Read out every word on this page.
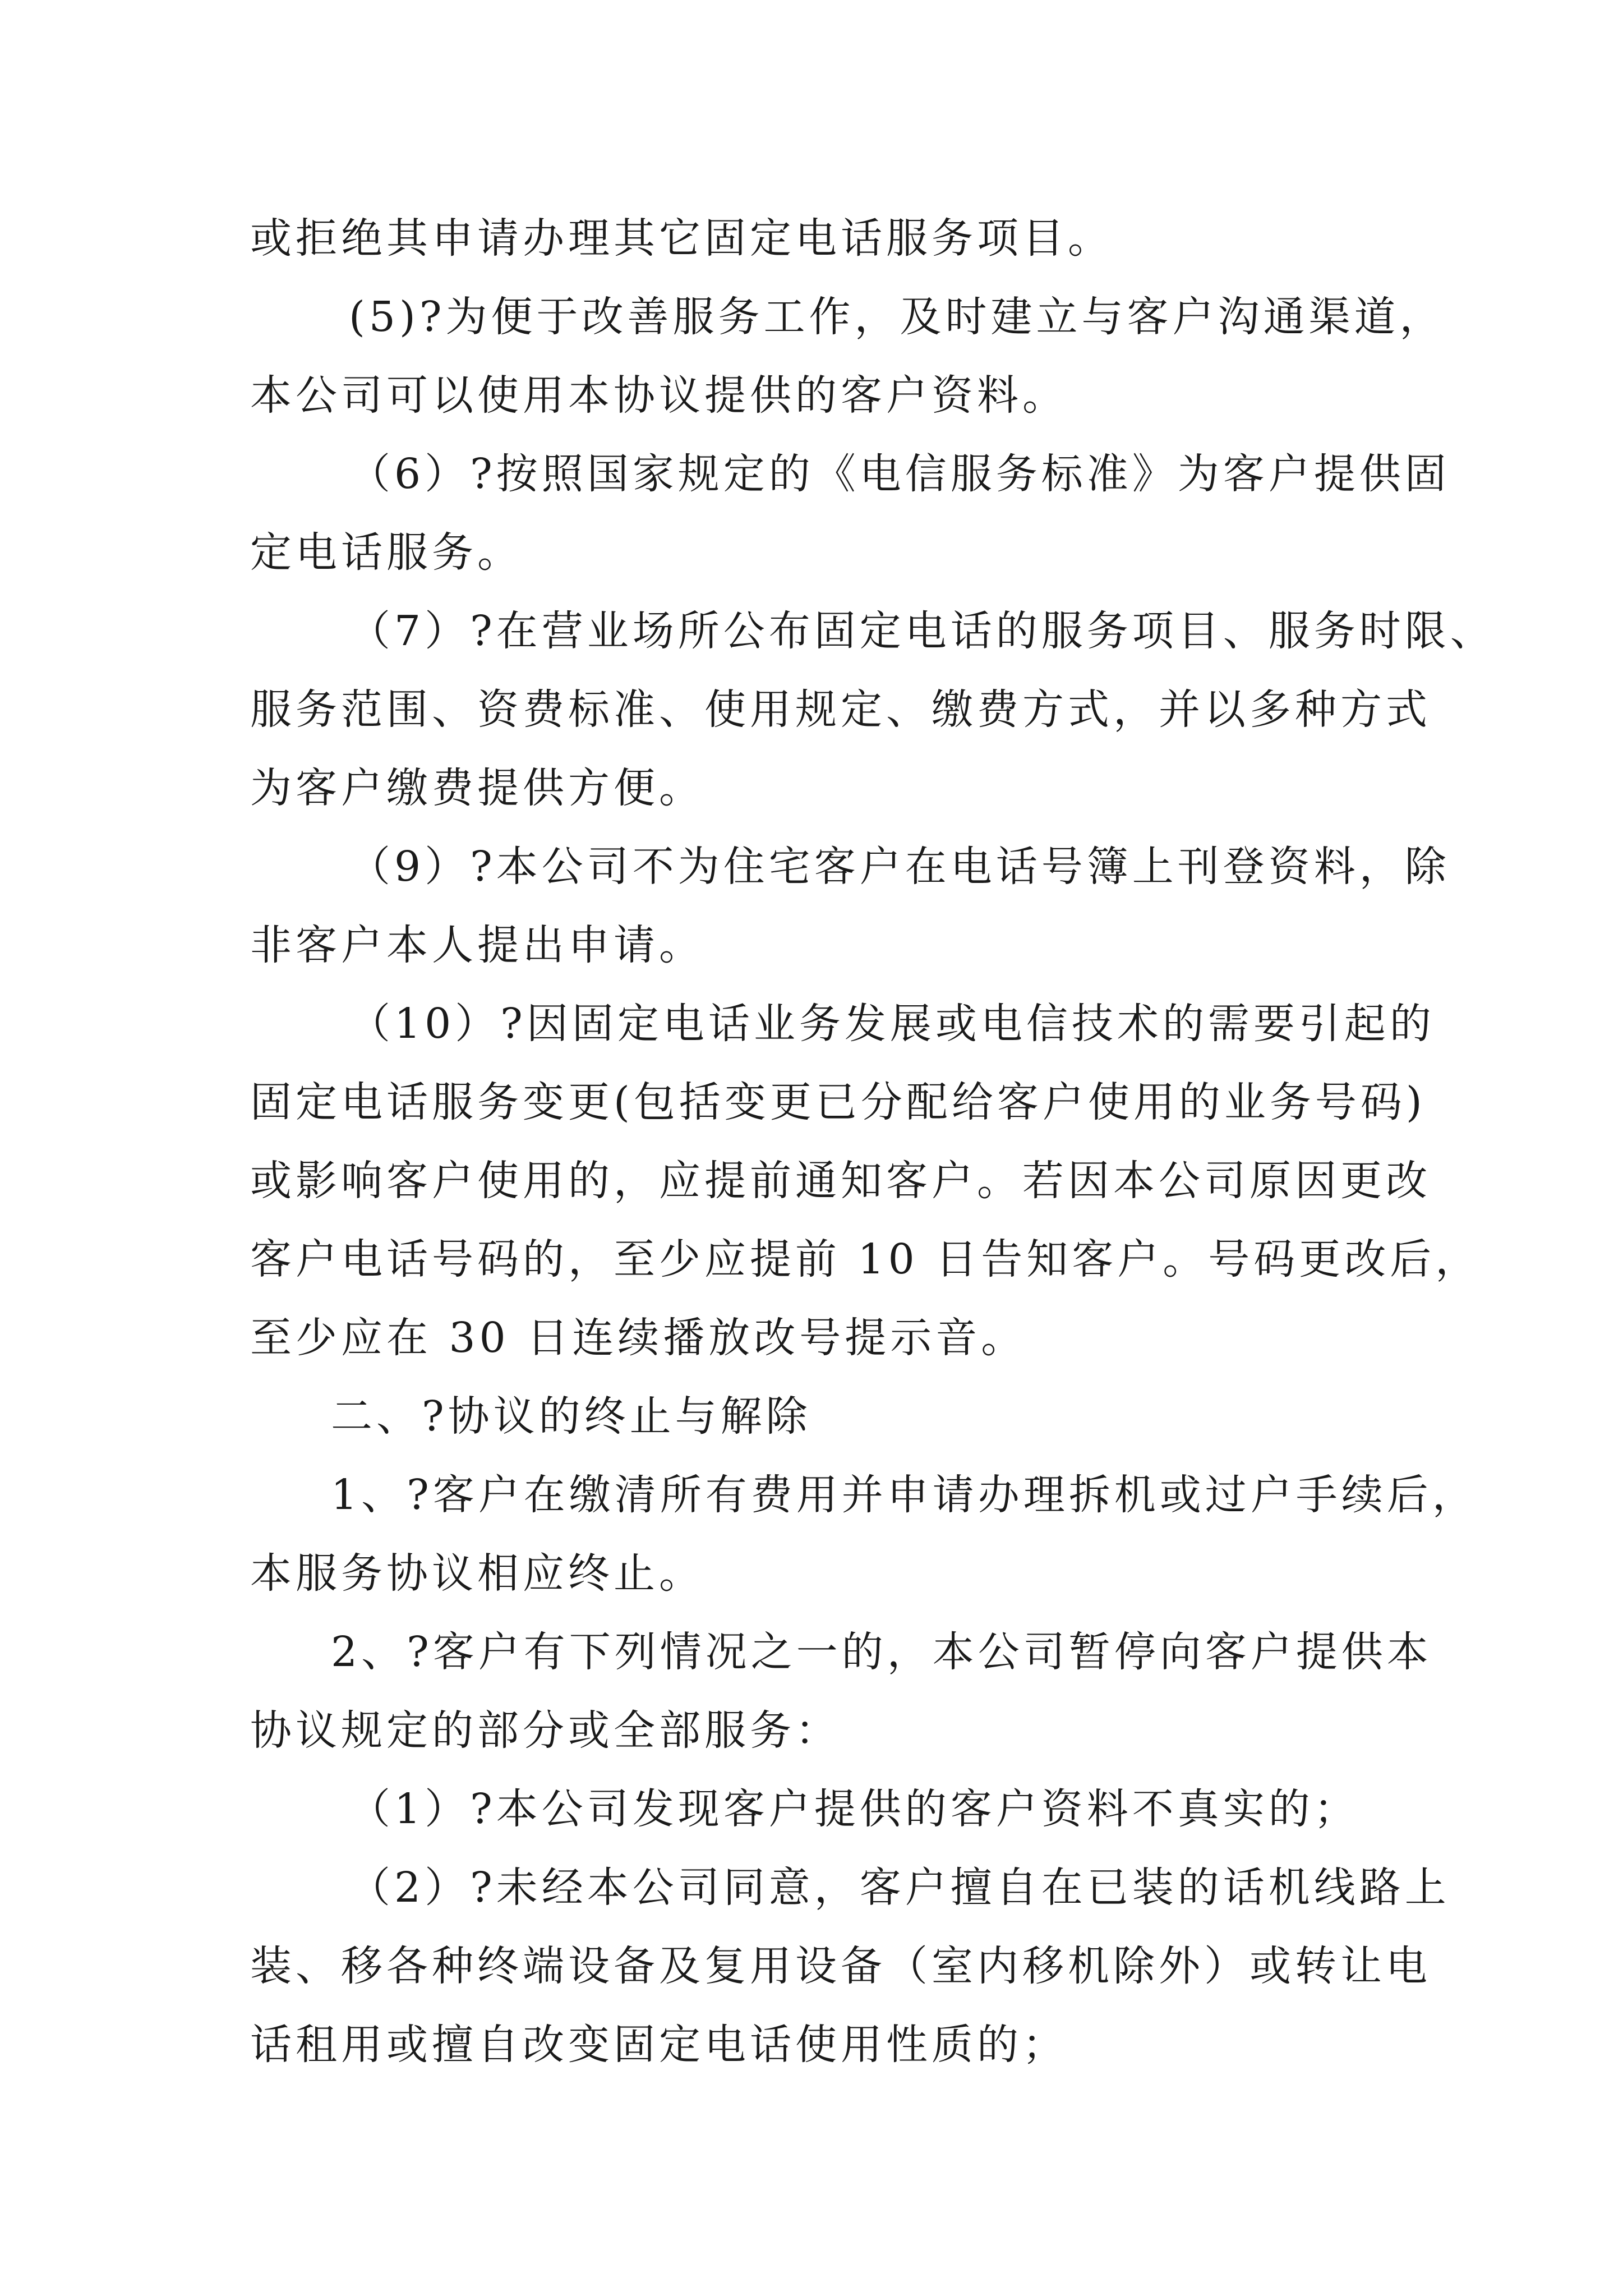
或拒绝其申请办理其它固定电话服务项目。
(5)?为便于改善服务工作，及时建立与客户沟通渠道，
本公司可以使用本协议提供的客户资料。
（6）?按照国家规定的《电信服务标准》为客户提供固
定电话服务。
（7）?在营业场所公布固定电话的服务项目、服务时限、
服务范围、资费标准、使用规定、缴费方式，并以多种方式
为客户缴费提供方便。
（9）?本公司不为住宅客户在电话号簿上刊登资料，除
非客户本人提出申请。
（10）?因固定电话业务发展或电信技术的需要引起的
固定电话服务变更(包括变更已分配给客户使用的业务号码)
或影响客户使用的，应提前通知客户。若因本公司原因更改
客户电话号码的，至少应提前 10 日告知客户。号码更改后，
至少应在 30 日连续播放改号提示音。
二、?协议的终止与解除
1、?客户在缴清所有费用并申请办理拆机或过户手续后，
本服务协议相应终止。
2、?客户有下列情况之一的，本公司暂停向客户提供本
协议规定的部分或全部服务：
（1）?本公司发现客户提供的客户资料不真实的；
（2）?未经本公司同意，客户擅自在已装的话机线路上
装、移各种终端设备及复用设备（室内移机除外）或转让电
话租用或擅自改变固定电话使用性质的；
